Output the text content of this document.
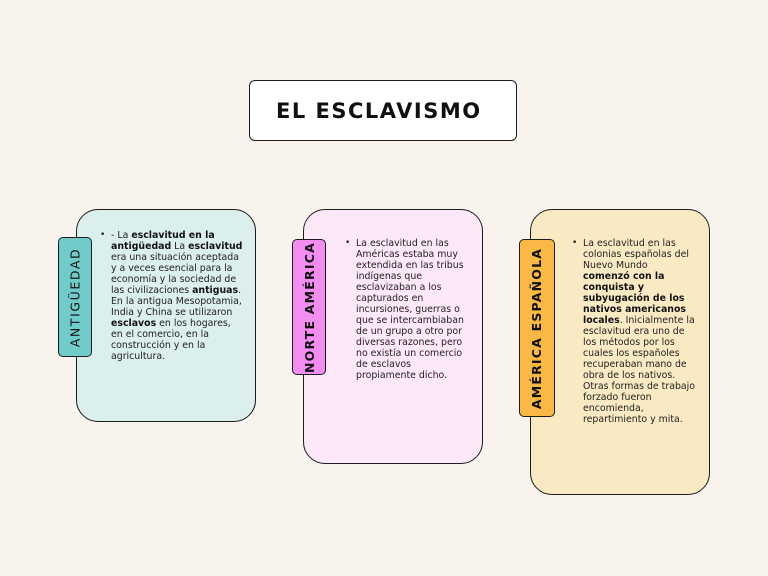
EL ESCLAVISMO
• - La esclavitud en la antigüedad La esclavitud era una situación aceptada y a veces esencial para la economía y la sociedad de las civilizaciones antiguas. En la antigua Mesopotamia, India y China se utilizaron esclavos en los hogares, en el comercio, en la construcción y en la agricultura.
ANTIGÜEDAD
• La esclavitud en las Américas estaba muy extendida en las tribus indígenas que esclavizaban a los capturados en incursiones, guerras o que se intercambiaban de un grupo a otro por diversas razones, pero no existía un comercio de esclavos propiamente dicho.
NORTE AMÉRICA
•	La esclavitud en las colonias españolas del Nuevo Mundo comenzó con la conquista y subyugación de los nativos americanos locales. Inicialmente la esclavitud era uno de los métodos por los cuales los españoles recuperaban mano de obra de los nativos. Otras formas de trabajo forzado fueron encomienda, repartimiento y mita.
AMÉRICA ESPAÑOLA
